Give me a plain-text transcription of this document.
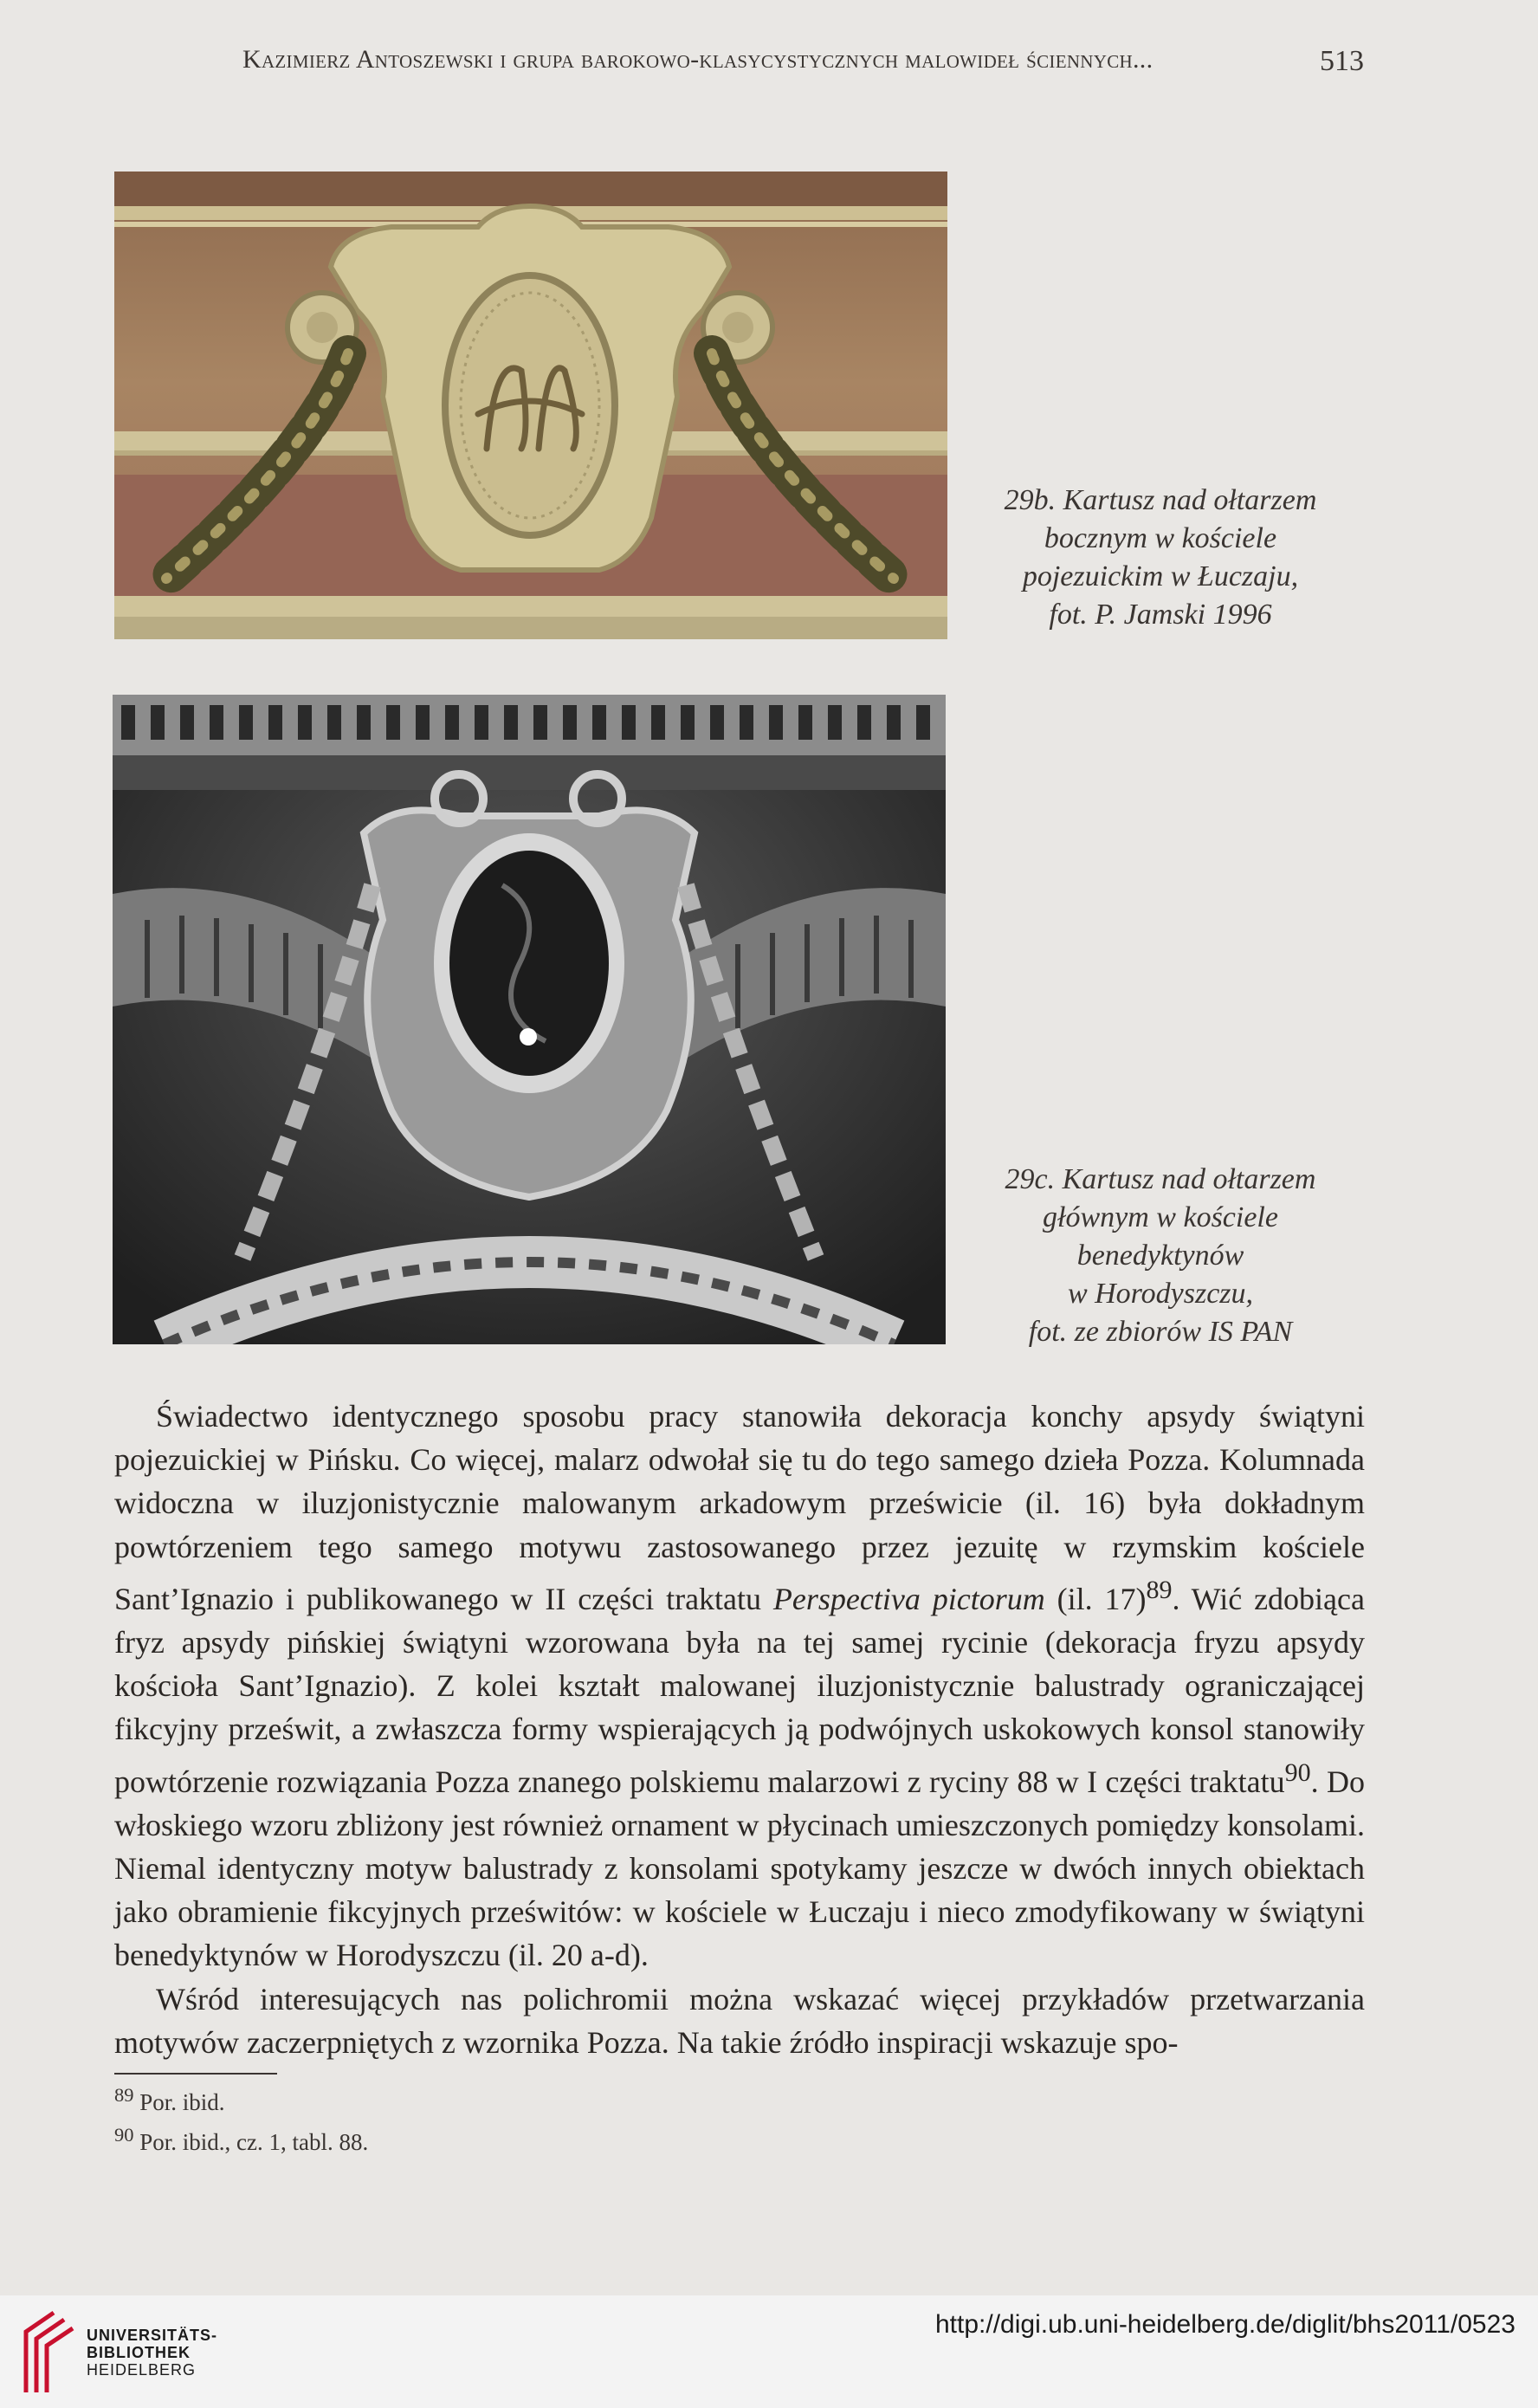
Kazimierz Antoszewski i grupa barokowo-klasycystycznych malowideł ściennych...	513
29b. Kartusz nad ołtarzem
bocznym w kościele
pojezuickim w Łuczaju,
fot. P. Jamski 1996
29c. Kartusz nad ołtarzem
głównym w kościele
benedyktynów
w Horodyszczu,
fot. ze zbiorów IS PAN

Świadectwo identycznego sposobu pracy stanowiła dekoracja konchy apsydy świątyni pojezuickiej w Pińsku. Co więcej, malarz odwołał się tu do tego samego dzieła Pozza. Kolumnada widoczna w iluzjonistycznie malowanym arkadowym prześwicie (il. 16) była dokładnym powtórzeniem tego samego motywu zastosowanego przez jezuitę w rzymskim kościele Sant’Ignazio i publikowanego w II części traktatu Perspectiva pictorum (il. 17)$^{89}$. Wić zdobiąca fryz apsydy pińskiej świątyni wzorowana była na tej samej rycinie (dekoracja fryzu apsydy kościoła Sant’Ignazio). Z kolei kształt malowanej iluzjonistycznie balustrady ograniczającej fikcyjny prześwit, a zwłaszcza formy wspierających ją podwójnych uskokowych konsol stanowiły powtórzenie rozwiązania Pozza znanego polskiemu malarzowi z ryciny 88 w I części traktatu$^{90}$. Do włoskiego wzoru zbliżony jest również ornament w płycinach umieszczonych pomiędzy konsolami. Niemal identyczny motyw balustrady z konsolami spotykamy jeszcze w dwóch innych obiektach jako obramienie fikcyjnych prześwitów: w kościele w Łuczaju i nieco zmodyfikowany w świątyni benedyktynów w Horodyszczu (il. 20 a-d).

Wśród interesujących nas polichromii można wskazać więcej przykładów przetwarzania motywów zaczerpniętych z wzornika Pozza. Na takie źródło inspiracji wskazuje spo-

$^{89}$ Por. ibid.
$^{90}$ Por. ibid., cz. 1, tabl. 88.
UNIVERSITÄTS-
BIBLIOTHEK
HEIDELBERG
http://digi.ub.uni-heidelberg.de/diglit/bhs2011/0523
